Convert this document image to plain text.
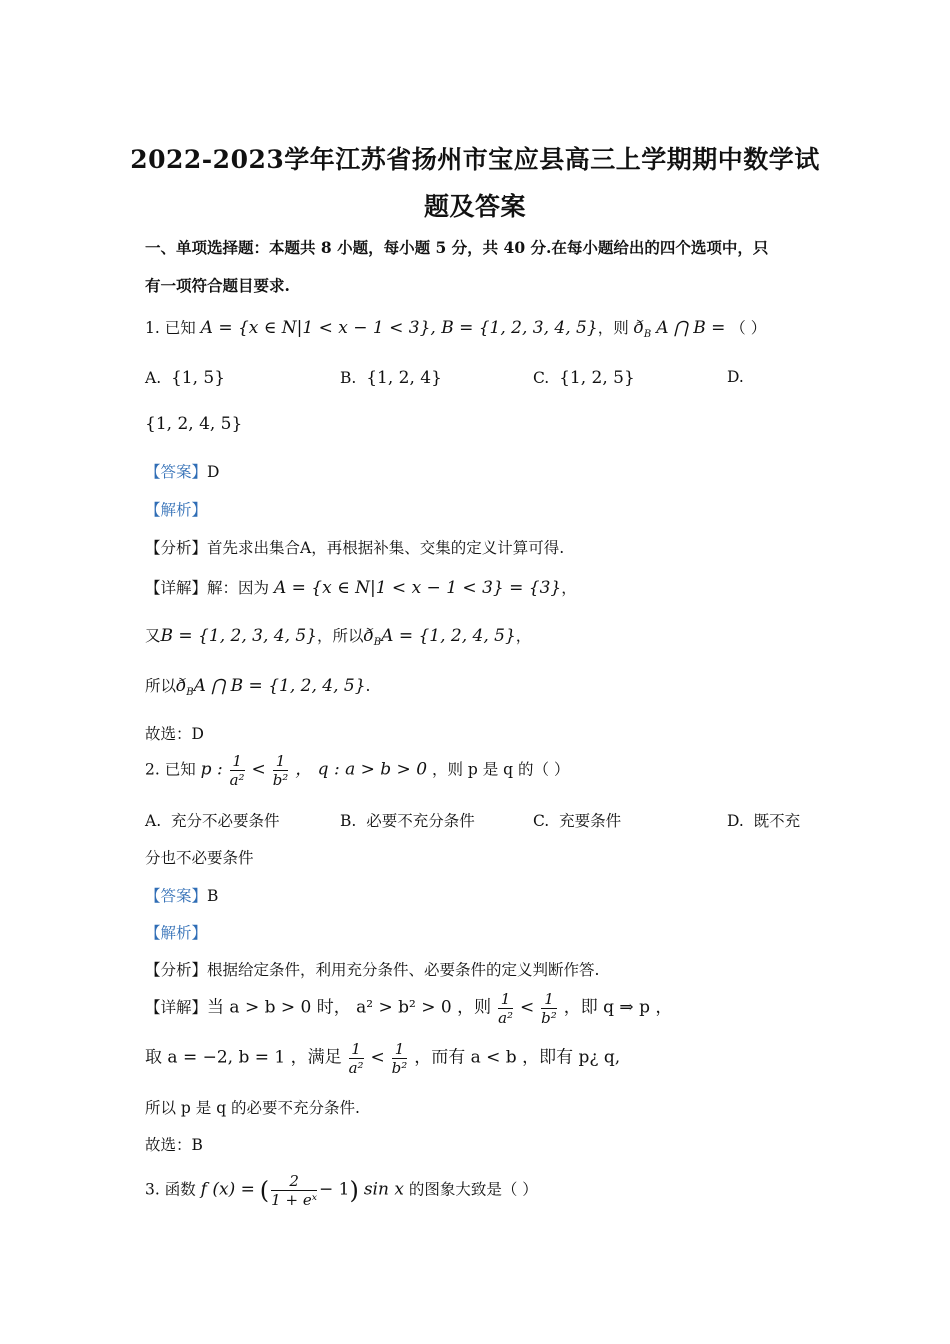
2022-2023学年江苏省扬州市宝应县高三上学期期中数学试
题及答案
一、单项选择题：本题共 8 小题，每小题 5 分，共 40 分.在每小题给出的四个选项中，只
有一项符合题目要求.
1. 已知 A = {x ∈ N|1 < x − 1 < 3}, B = {1, 2, 3, 4, 5}，则 $ð_B$ A ⋂ B = （ ）
A. {1, 5}	B. {1, 2, 4}	C. {1, 2, 5}	D.
{1, 2, 4, 5}
【答案】D
【解析】
【分析】首先求出集合A，再根据补集、交集的定义计算可得.
【详解】解：因为 A = {x ∈ N|1 < x − 1 < 3} = {3}，
又B = {1, 2, 3, 4, 5}，所以$ð_BA = \{1$, 2, 4, 5}，
所以$ð_BA$ ⋂ B = {1, 2, 4, 5}.
故选：D
2. 已知 p : $\frac{1}{\text{a²}} < \frac{1}{\text{b²}}$ ， q : a > b > 0 ，则 p 是 q 的（ ）
A. 充分不必要条件	B. 必要不充分条件	C. 充要条件	D. 既不充
分也不必要条件
【答案】B
【解析】
【分析】根据给定条件，利用充分条件、必要条件的定义判断作答.
【详解】当 a > b > 0 时， a² > b² > 0 ，则 $\frac{1}{\text{a²}} < \frac{1}{\text{b²}}$ ，即 q ⇒ p ，
取 a = −2, b = 1 ，满足 $\frac{1}{\text{a²}} < \frac{1}{\text{b²}}$ ，而有 a < b ，即有 p¿ q,
所以 p 是 q 的必要不充分条件.
故选：B
3. 函数 f (x) = ( $\frac{2}{\text{1 + eˣ}} - 1$) sin x 的图象大致是（ ）
